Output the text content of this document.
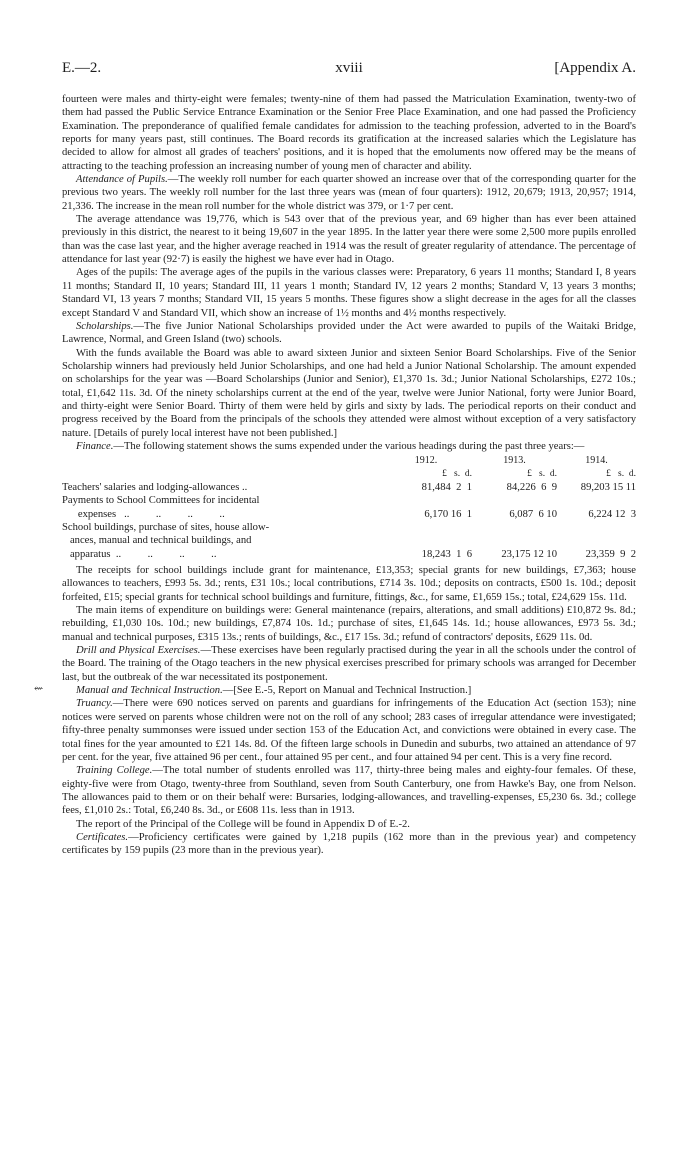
E.—2.	xviii	[Appendix A.
⇜

fourteen were males and thirty-eight were females; twenty-nine of them had passed the Matriculation Examination, twenty-two of them had passed the Public Service Entrance Examination or the Senior Free Place Examination, and one had passed the Proficiency Examination. The preponderance of qualified female candidates for admission to the teaching profession, adverted to in the Board's reports for many years past, still continues. The Board records its gratification at the increased salaries which the Legislature has decided to allow for almost all grades of teachers' positions, and it is hoped that the emoluments now offered may be the means of attracting to the teaching profession an increasing number of young men of character and ability.

Attendance of Pupils.—The weekly roll number for each quarter showed an increase over that of the corresponding quarter for the previous two years. The weekly roll number for the last three years was (mean of four quarters): 1912, 20,679; 1913, 20,957; 1914, 21,336. The increase in the mean roll number for the whole district was 379, or 1·7 per cent.

The average attendance was 19,776, which is 543 over that of the previous year, and 69 higher than has ever been attained previously in this district, the nearest to it being 19,607 in the year 1895. In the latter year there were some 2,500 more pupils enrolled than was the case last year, and the higher average reached in 1914 was the result of greater regularity of attendance. The percentage of attendance for last year (92·7) is easily the highest we have ever had in Otago.

Ages of the pupils: The average ages of the pupils in the various classes were: Preparatory, 6 years 11 months; Standard I, 8 years 11 months; Standard II, 10 years; Standard III, 11 years 1 month; Standard IV, 12 years 2 months; Standard V, 13 years 3 months; Standard VI, 13 years 7 months; Standard VII, 15 years 5 months. These figures show a slight decrease in the ages for all the classes except Standard V and Standard VII, which show an increase of 1½ months and 4½ months respectively.

Scholarships.—The five Junior National Scholarships provided under the Act were awarded to pupils of the Waitaki Bridge, Lawrence, Normal, and Green Island (two) schools.

With the funds available the Board was able to award sixteen Junior and sixteen Senior Board Scholarships. Five of the Senior Scholarship winners had previously held Junior Scholarships, and one had held a Junior National Scholarship. The amount expended on scholarships for the year was —Board Scholarships (Junior and Senior), £1,370 1s. 3d.; Junior National Scholarships, £272 10s.; total, £1,642 11s. 3d. Of the ninety scholarships current at the end of the year, twelve were Junior National, forty were Junior Board, and thirty-eight were Senior Board. Thirty of them were held by girls and sixty by lads. The periodical reports on their conduct and progress received by the Board from the principals of the schools they attended were almost without exception of a very satisfactory nature. [Details of purely local interest have not been published.]

Finance.—The following statement shows the sums expended under the various headings during the past three years:—

1912.	1913.	1914.

£   s.  d.	£   s.  d.	£   s.  d.
Teachers' salaries and lodging-allowances ..	81,484  2  1	84,226  6  9	89,203 15 11
Payments to School Committees for incidental
expenses   ..          ..          ..          ..	6,170 16  1	6,087  6 10	6,224 12  3
School buildings, purchase of sites, house allow-
ances, manual and technical buildings, and
apparatus  ..          ..          ..          ..	18,243  1  6	23,175 12 10	23,359  9  2

The receipts for school buildings include grant for maintenance, £13,353; special grants for new buildings, £7,363; house allowances to teachers, £993 5s. 3d.; rents, £31 10s.; local contributions, £714 3s. 10d.; deposits on contracts, £500 1s. 10d.; deposit forfeited, £15; special grants for technical school buildings and furniture, fittings, &c., for same, £1,659 15s.; total, £24,629 15s. 11d.

The main items of expenditure on buildings were: General maintenance (repairs, alterations, and small additions) £10,872 9s. 8d.; rebuilding, £1,030 10s. 10d.; new buildings, £7,874 10s. 1d.; purchase of sites, £1,645 14s. 1d.; house allowances, £973 5s. 3d.; manual and technical purposes, £315 13s.; rents of buildings, &c., £17 15s. 3d.; refund of contractors' deposits, £629 11s. 0d.

Drill and Physical Exercises.—These exercises have been regularly practised during the year in all the schools under the control of the Board. The training of the Otago teachers in the new physical exercises prescribed for primary schools was arranged for December last, but the outbreak of the war necessitated its postponement.

Manual and Technical Instruction.—[See E.-5, Report on Manual and Technical Instruction.]

Truancy.—There were 690 notices served on parents and guardians for infringements of the Education Act (section 153); nine notices were served on parents whose children were not on the roll of any school; 283 cases of irregular attendance were investigated; fifty-three penalty summonses were issued under section 153 of the Education Act, and convictions were obtained in every case. The total fines for the year amounted to £21 14s. 8d. Of the fifteen large schools in Dunedin and suburbs, two attained an attendance of 97 per cent. for the year, five attained 96 per cent., four attained 95 per cent., and four attained 94 per cent. This is a very fine record.

Training College.—The total number of students enrolled was 117, thirty-three being males and eighty-four females. Of these, eighty-five were from Otago, twenty-three from Southland, seven from South Canterbury, one from Hawke's Bay, one from Nelson. The allowances paid to them or on their behalf were: Bursaries, lodging-allowances, and travelling-expenses, £5,230 6s. 3d.; college fees, £1,010 2s.: Total, £6,240 8s. 3d., or £608 11s. less than in 1913.

The report of the Principal of the College will be found in Appendix D of E.-2.

Certificates.—Proficiency certificates were gained by 1,218 pupils (162 more than in the previous year) and competency certificates by 159 pupils (23 more than in the previous year).
